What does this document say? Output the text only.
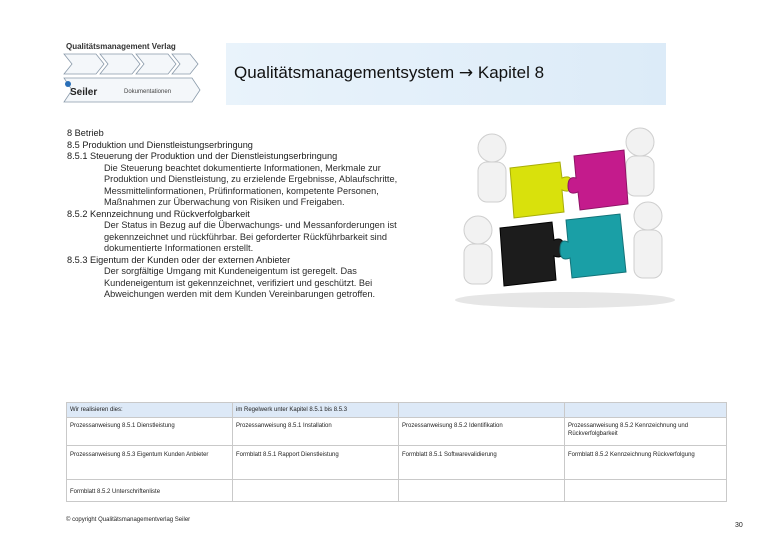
Qualitätsmanagement Verlag
Seiler	Dokumentationen
Qualitätsmanagementsystem → Kapitel 8
8 Betrieb
8.5 Produktion und Dienstleistungserbringung
8.5.1 Steuerung der Produktion und der Dienstleistungserbringung
Die Steuerung beachtet dokumentierte Informationen, Merkmale zur
Produktion und Dienstleistung, zu erzielende Ergebnisse, Ablaufschritte,
Messmittelinformationen, Prüfinformationen, kompetente Personen,
Maßnahmen zur Überwachung von Risiken und Freigaben.
8.5.2 Kennzeichnung und Rückverfolgbarkeit
Der Status in Bezug auf die Überwachungs- und Messanforderungen ist
gekennzeichnet und rückführbar. Bei geforderter Rückführbarkeit sind
dokumentierte Informationen erstellt.
8.5.3 Eigentum der Kunden oder der externen Anbieter
Der sorgfältige Umgang mit Kundeneigentum ist geregelt. Das
Kundeneigentum ist gekennzeichnet, verifiziert und geschützt. Bei
Abweichungen werden mit dem Kunden Vereinbarungen getroffen.
Wir realisieren dies:	im Regelwerk unter Kapitel 8.5.1 bis 8.5.3		
Prozessanweisung 8.5.1 Dienstleistung	Prozessanweisung 8.5.1 Installation	Prozessanweisung 8.5.2 Identifikation	Prozessanweisung 8.5.2 Kennzeichnung und Rückverfolgbarkeit
Prozessanweisung 8.5.3 Eigentum Kunden Anbieter	Formblatt 8.5.1 Rapport Dienstleistung	Formblatt 8.5.1 Softwarevalidierung	Formblatt 8.5.2 Kennzeichnung Rückverfolgung
Formblatt 8.5.2 Unterschriftenliste			
© copyright Qualitätsmanagementverlag Seiler
30
